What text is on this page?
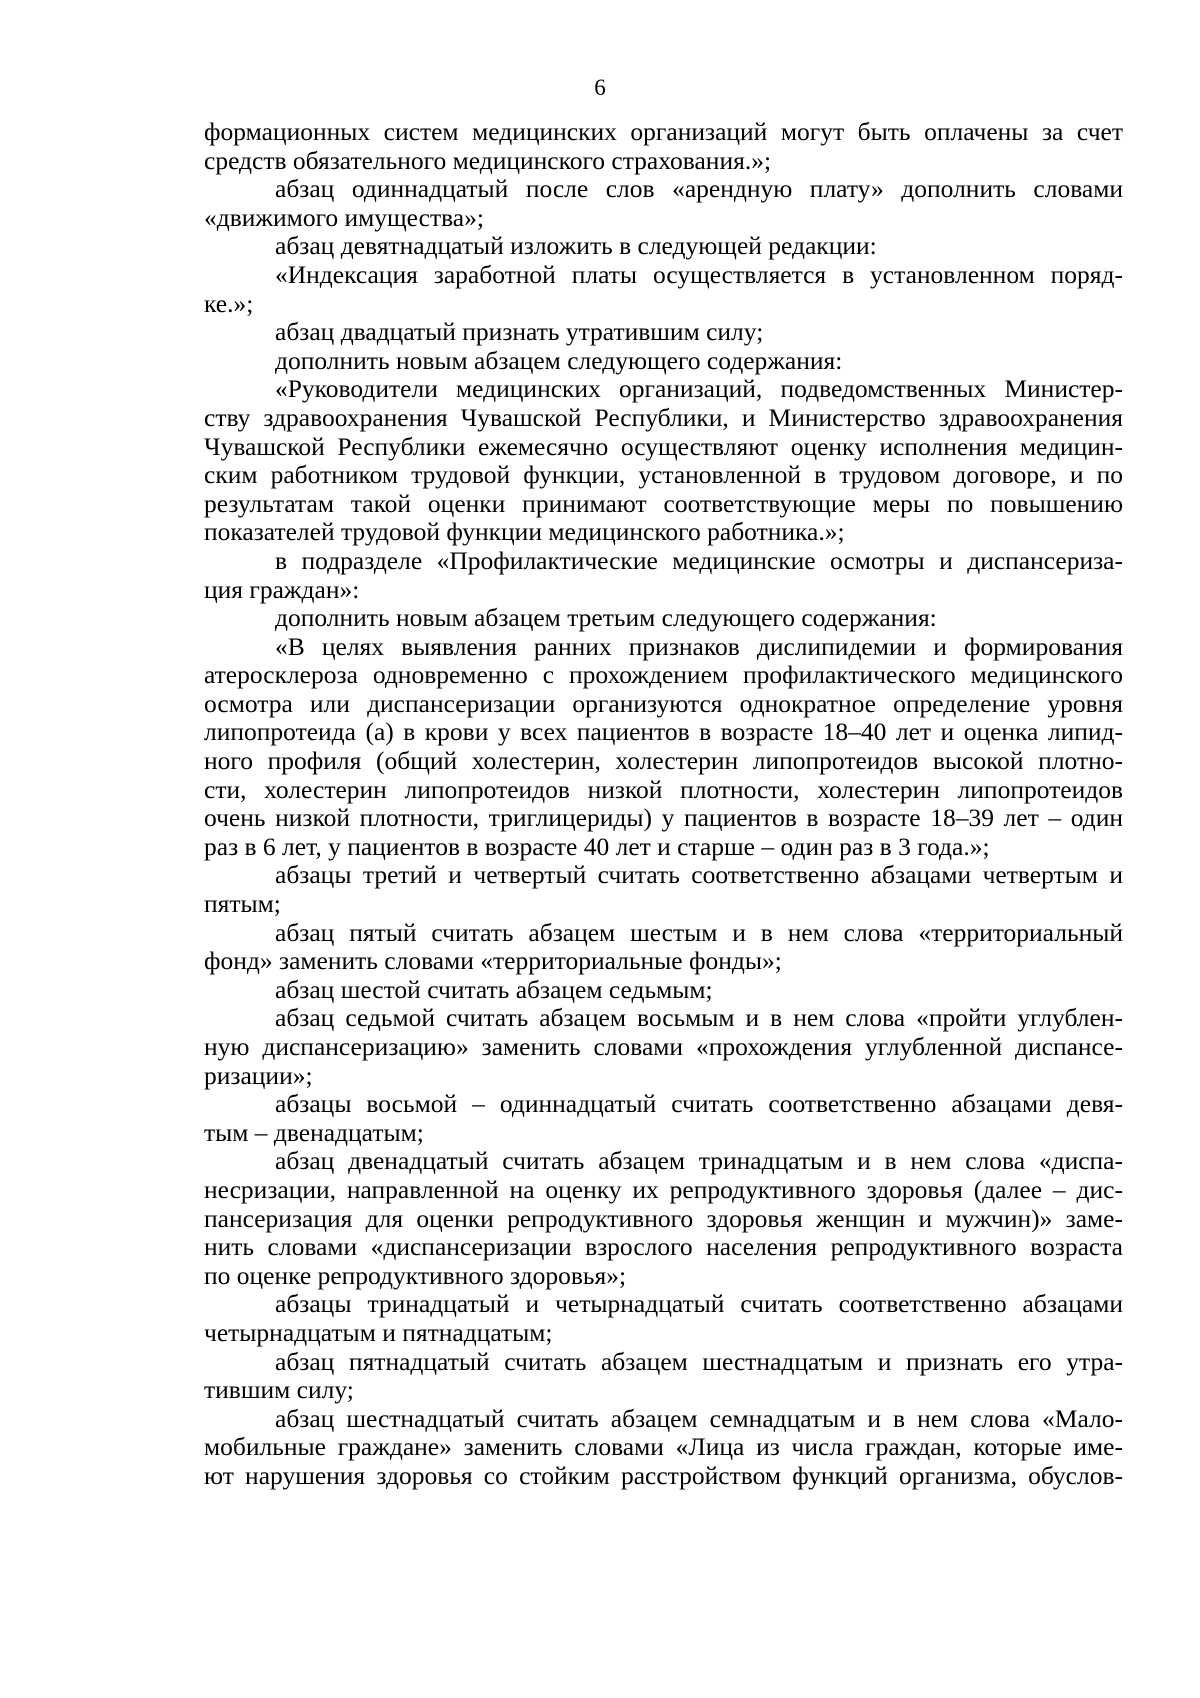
6
формационных систем медицинских организаций могут быть оплачены за счет
средств обязательного медицинского страхования.»;
абзац одиннадцатый после слов «арендную плату» дополнить словами
«движимого имущества»;
абзац девятнадцатый изложить в следующей редакции:
«Индексация заработной платы осуществляется в установленном поряд-
ке.»;
абзац двадцатый признать утратившим силу;
дополнить новым абзацем следующего содержания:
«Руководители медицинских организаций, подведомственных Министер-
ству здравоохранения Чувашской Республики, и Министерство здравоохранения
Чувашской Республики ежемесячно осуществляют оценку исполнения медицин-
ским работником трудовой функции, установленной в трудовом договоре, и по
результатам такой оценки принимают соответствующие меры по повышению
показателей трудовой функции медицинского работника.»;
в подразделе «Профилактические медицинские осмотры и диспансериза-
ция граждан»:
дополнить новым абзацем третьим следующего содержания:
«В целях выявления ранних признаков дислипидемии и формирования
атеросклероза одновременно с прохождением профилактического медицинского
осмотра или диспансеризации организуются однократное определение уровня
липопротеида (а) в крови у всех пациентов в возрасте 18–40 лет и оценка липид-
ного профиля (общий холестерин, холестерин липопротеидов высокой плотно-
сти, холестерин липопротеидов низкой плотности, холестерин липопротеидов
очень низкой плотности, триглицериды) у пациентов в возрасте 18–39 лет – один
раз в 6 лет, у пациентов в возрасте 40 лет и старше – один раз в 3 года.»;
абзацы третий и четвертый считать соответственно абзацами четвертым и
пятым;
абзац пятый считать абзацем шестым и в нем слова «территориальный
фонд» заменить словами «территориальные фонды»;
абзац шестой считать абзацем седьмым;
абзац седьмой считать абзацем восьмым и в нем слова «пройти углублен-
ную диспансеризацию» заменить словами «прохождения углубленной диспансе-
ризации»;
абзацы восьмой – одиннадцатый считать соответственно абзацами девя-
тым – двенадцатым;
абзац двенадцатый считать абзацем тринадцатым и в нем слова «диспа-
несризации, направленной на оценку их репродуктивного здоровья (далее – дис-
пансеризация для оценки репродуктивного здоровья женщин и мужчин)» заме-
нить словами «диспансеризации взрослого населения репродуктивного возраста
по оценке репродуктивного здоровья»;
абзацы тринадцатый и четырнадцатый считать соответственно абзацами
четырнадцатым и пятнадцатым;
абзац пятнадцатый считать абзацем шестнадцатым и признать его утра-
тившим силу;
абзац шестнадцатый считать абзацем семнадцатым и в нем слова «Мало-
мобильные граждане» заменить словами «Лица из числа граждан, которые име-
ют нарушения здоровья со стойким расстройством функций организма, обуслов-
